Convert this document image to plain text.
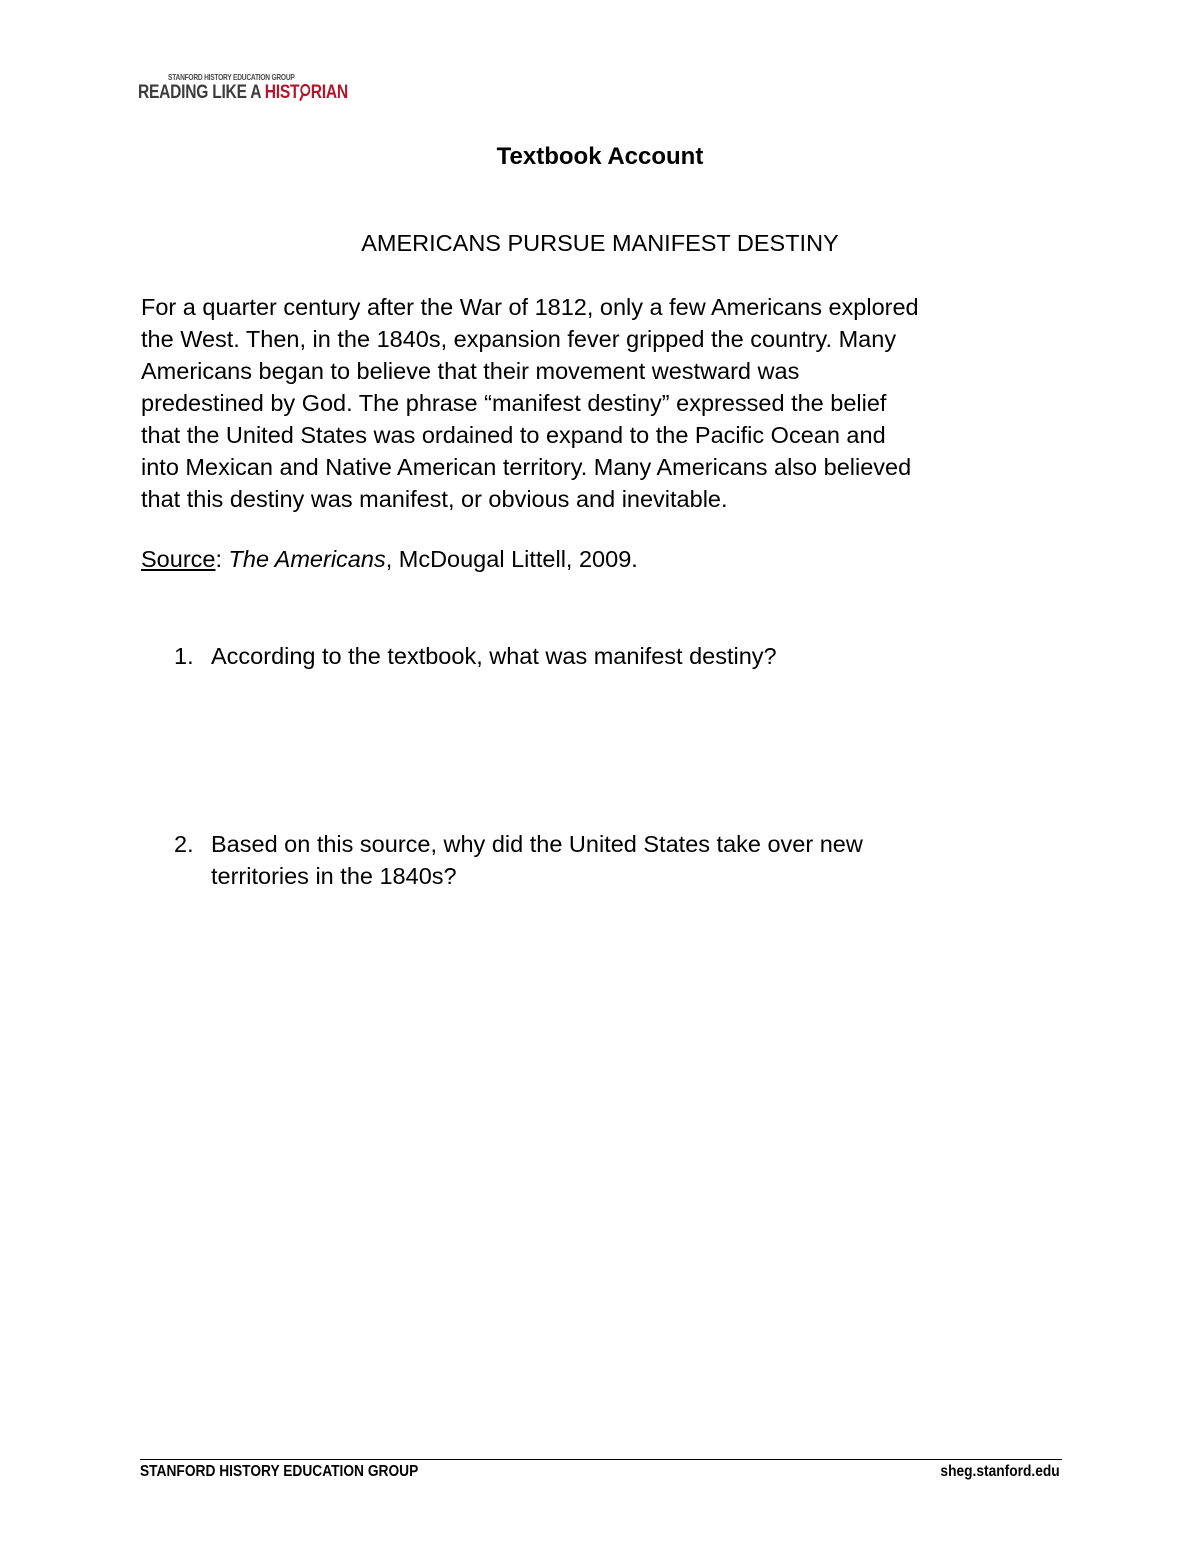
STANFORD HISTORY EDUCATION GROUP
READING LIKE A HIST RIAN
Textbook Account
AMERICANS PURSUE MANIFEST DESTINY
For a quarter century after the War of 1812, only a few Americans explored
the West. Then, in the 1840s, expansion fever gripped the country. Many
Americans began to believe that their movement westward was
predestined by God. The phrase “manifest destiny” expressed the belief
that the United States was ordained to expand to the Pacific Ocean and
into Mexican and Native American territory. Many Americans also believed
that this destiny was manifest, or obvious and inevitable.
Source: The Americans, McDougal Littell, 2009.
1. According to the textbook, what was manifest destiny?
2. Based on this source, why did the United States take over new
territories in the 1840s?
STANFORD HISTORY EDUCATION GROUP	sheg.stanford.edu
